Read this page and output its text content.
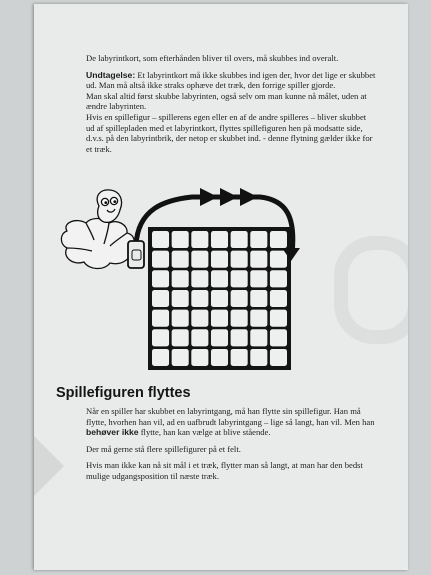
De labyrintkort, som efterhånden bliver til overs, må skubbes ind overalt.

Undtagelse: Et labyrintkort må ikke skubbes ind igen der, hvor det lige er skubbet ud. Man må altså ikke straks ophæve det træk, den forrige spiller gjorde.

Man skal altid først skubbe labyrinten, også selv om man kunne nå målet, uden at ændre labyrinten.

Hvis en spillefigur – spillerens egen eller en af de andre spilleres – bliver skubbet ud af spillepladen med et labyrintkort, flyttes spillefiguren hen på modsatte side, d.v.s. på den labyrintbrik, der netop er skubbet ind. - denne flytning gælder ikke for et træk.

Spillefiguren flyttes

Når en spiller har skubbet en labyrintgang, må han flytte sin spillefigur. Han må flytte, hvorhen han vil, ad en uafbrudt labyrintgang – lige så langt, han vil. Men han behøver ikke flytte, han kan vælge at blive stående.

Der må gerne stå flere spillefigurer på et felt.

Hvis man ikke kan nå sit mål i et træk, flytter man så langt, at man har den bedst mulige udgangsposition til næste træk.
